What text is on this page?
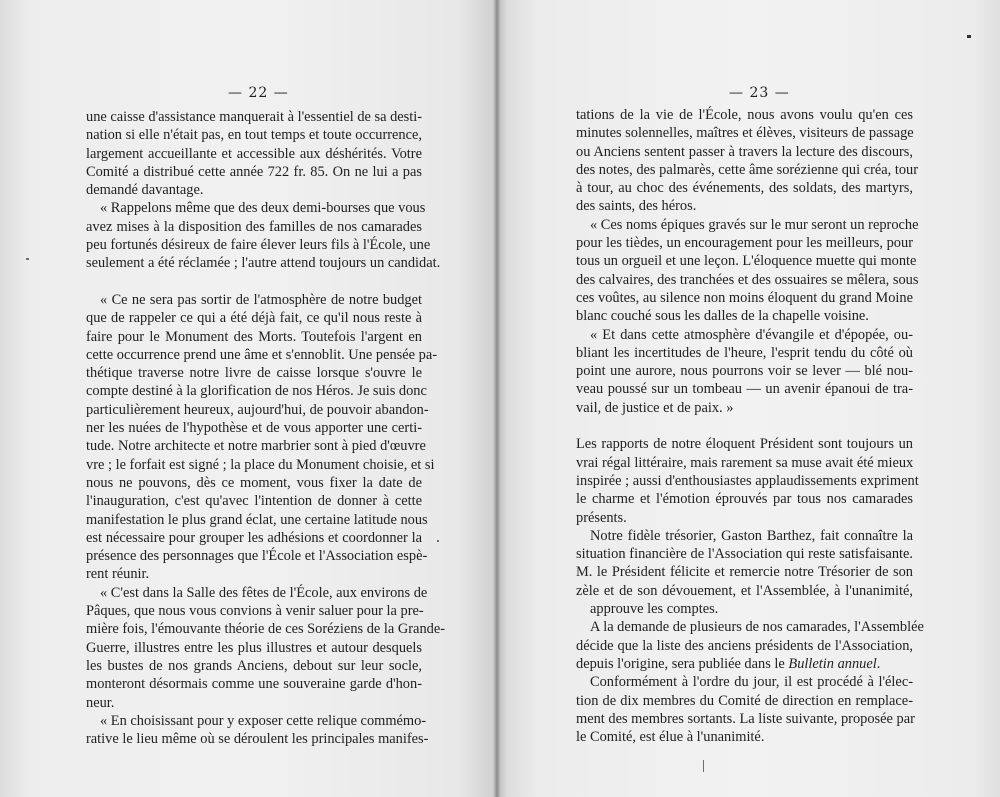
— 22 —
une caisse d'assistance manquerait à l'essentiel de sa desti-
nation si elle n'était pas, en tout temps et toute occurrence,
largement accueillante et accessible aux déshérités. Votre
Comité a distribué cette année 722 fr. 85. On ne lui a pas
demandé davantage.
« Rappelons même que des deux demi-bourses que vous
avez mises à la disposition des familles de nos camarades
peu fortunés désireux de faire élever leurs fils à l'École, une
seulement a été réclamée ; l'autre attend toujours un candidat.
« Ce ne sera pas sortir de l'atmosphère de notre budget
que de rappeler ce qui a été déjà fait, ce qu'il nous reste à
faire pour le Monument des Morts. Toutefois l'argent en
cette occurrence prend une âme et s'ennoblit. Une pensée pa-
thétique traverse notre livre de caisse lorsque s'ouvre le
compte destiné à la glorification de nos Héros. Je suis donc
particulièrement heureux, aujourd'hui, de pouvoir abandon-
ner les nuées de l'hypothèse et de vous apporter une certi-
tude. Notre architecte et notre marbrier sont à pied d'œuvre
vre ; le forfait est signé ; la place du Monument choisie, et si
nous ne pouvons, dès ce moment, vous fixer la date de
l'inauguration, c'est qu'avec l'intention de donner à cette
manifestation le plus grand éclat, une certaine latitude nous
est nécessaire pour grouper les adhésions et coordonner la
présence des personnages que l'École et l'Association espè-
rent réunir.
« C'est dans la Salle des fêtes de l'École, aux environs de
Pâques, que nous vous convions à venir saluer pour la pre-
mière fois, l'émouvante théorie de ces Soréziens de la Grande-
Guerre, illustres entre les plus illustres et autour desquels
les bustes de nos grands Anciens, debout sur leur socle,
monteront désormais comme une souveraine garde d'hon-
neur.
« En choisissant pour y exposer cette relique commémo-
rative le lieu même où se déroulent les principales manifes-
— 23 —
tations de la vie de l'École, nous avons voulu qu'en ces
minutes solennelles, maîtres et élèves, visiteurs de passage
ou Anciens sentent passer à travers la lecture des discours,
des notes, des palmarès, cette âme sorézienne qui créa, tour
à tour, au choc des événements, des soldats, des martyrs,
des saints, des héros.
« Ces noms épiques gravés sur le mur seront un reproche
pour les tièdes, un encouragement pour les meilleurs, pour
tous un orgueil et une leçon. L'éloquence muette qui monte
des calvaires, des tranchées et des ossuaires se mêlera, sous
ces voûtes, au silence non moins éloquent du grand Moine
blanc couché sous les dalles de la chapelle voisine.
« Et dans cette atmosphère d'évangile et d'épopée, ou-
bliant les incertitudes de l'heure, l'esprit tendu du côté où
point une aurore, nous pourrons voir se lever — blé nou-
veau poussé sur un tombeau — un avenir épanoui de tra-
vail, de justice et de paix. »
Les rapports de notre éloquent Président sont toujours un
vrai régal littéraire, mais rarement sa muse avait été mieux
inspirée ; aussi d'enthousiastes applaudissements expriment
le charme et l'émotion éprouvés par tous nos camarades
présents.
Notre fidèle trésorier, Gaston Barthez, fait connaître la
situation financière de l'Association qui reste satisfaisante.
M. le Président félicite et remercie notre Trésorier de son
zèle et de son dévouement, et l'Assemblée, à l'unanimité,
approuve les comptes.
A la demande de plusieurs de nos camarades, l'Assemblée
décide que la liste des anciens présidents de l'Association,
depuis l'origine, sera publiée dans le Bulletin annuel.
Conformément à l'ordre du jour, il est procédé à l'élec-
tion de dix membres du Comité de direction en remplace-
ment des membres sortants. La liste suivante, proposée par
le Comité, est élue à l'unanimité.
